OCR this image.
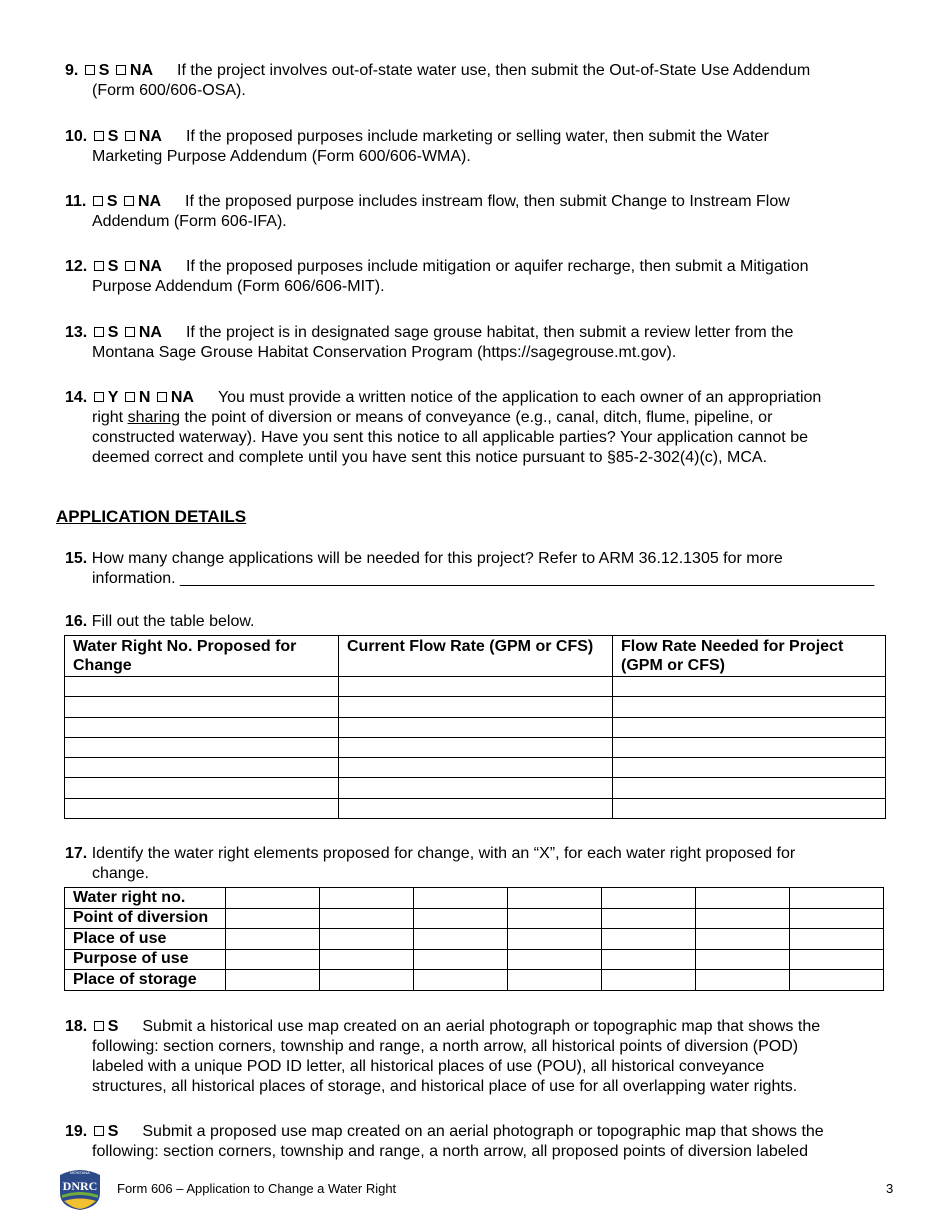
9. S NA If the project involves out-of-state water use, then submit the Out-of-State Use Addendum
(Form 600/606-OSA).
10. S NA If the proposed purposes include marketing or selling water, then submit the Water
Marketing Purpose Addendum (Form 600/606-WMA).
11. S NA If the proposed purpose includes instream flow, then submit Change to Instream Flow
Addendum (Form 606-IFA).
12. S NA If the proposed purposes include mitigation or aquifer recharge, then submit a Mitigation
Purpose Addendum (Form 606/606-MIT).
13. S NA If the project is in designated sage grouse habitat, then submit a review letter from the
Montana Sage Grouse Habitat Conservation Program (https://sagegrouse.mt.gov).
14. Y N NA You must provide a written notice of the application to each owner of an appropriation
right sharing the point of diversion or means of conveyance (e.g., canal, ditch, flume, pipeline, or
constructed waterway). Have you sent this notice to all applicable parties? Your application cannot be
deemed correct and complete until you have sent this notice pursuant to §85-2-302(4)(c), MCA.
APPLICATION DETAILS
15. How many change applications will be needed for this project? Refer to ARM 36.12.1305 for more
information. ______________________________________________________________________________
16. Fill out the table below.
Water Right No. Proposed for Change	Current Flow Rate (GPM or CFS)	Flow Rate Needed for Project (GPM or CFS)

17. Identify the water right elements proposed for change, with an “X”, for each water right proposed for
change.
Water right no.							
Point of diversion							
Place of use							
Purpose of use							
Place of storage							
18. S Submit a historical use map created on an aerial photograph or topographic map that shows the
following: section corners, township and range, a north arrow, all historical points of diversion (POD)
labeled with a unique POD ID letter, all historical places of use (POU), all historical conveyance
structures, all historical places of storage, and historical place of use for all overlapping water rights.
19. S Submit a proposed use map created on an aerial photograph or topographic map that shows the
following: section corners, township and range, a north arrow, all proposed points of diversion labeled
MONTANA
DNRC Form 606 – Application to Change a Water Right	3
